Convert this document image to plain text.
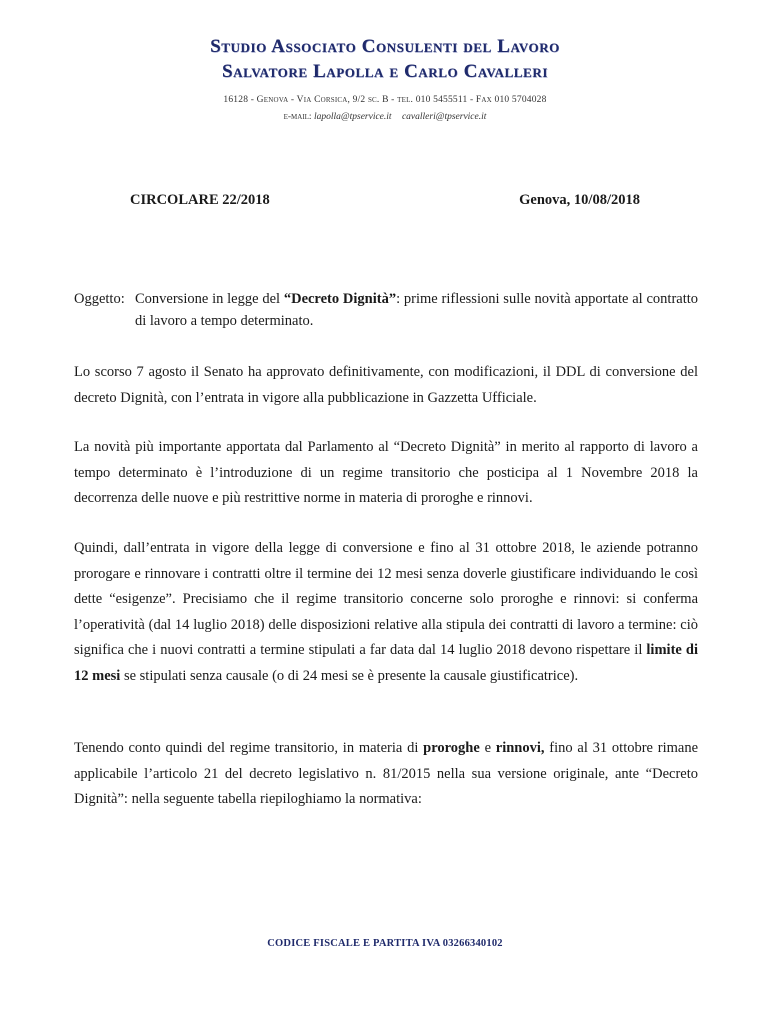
Studio Associato Consulenti del Lavoro
Salvatore Lapolla e Carlo Cavalleri
16128 - Genova - Via Corsica, 9/2 sc. B - tel. 010 5455511 - Fax 010 5704028
e-mail: lapolla@tpservice.it cavalleri@tpservice.it
CIRCOLARE 22/2018	Genova, 10/08/2018
Oggetto: Conversione in legge del “Decreto Dignità”: prime riflessioni sulle novità apportate al contratto di lavoro a tempo determinato.
Lo scorso 7 agosto il Senato ha approvato definitivamente, con modificazioni, il DDL di conversione del decreto Dignità, con l’entrata in vigore alla pubblicazione in Gazzetta Ufficiale.
La novità più importante apportata dal Parlamento al “Decreto Dignità” in merito al rapporto di lavoro a tempo determinato è l’introduzione di un regime transitorio che posticipa al 1 Novembre 2018 la decorrenza delle nuove e più restrittive norme in materia di proroghe e rinnovi.
Quindi, dall’entrata in vigore della legge di conversione e fino al 31 ottobre 2018, le aziende potranno prorogare e rinnovare i contratti oltre il termine dei 12 mesi senza doverle giustificare individuando le così dette “esigenze”. Precisiamo che il regime transitorio concerne solo proroghe e rinnovi: si conferma l’operatività (dal 14 luglio 2018) delle disposizioni relative alla stipula dei contratti di lavoro a termine: ciò significa che i nuovi contratti a termine stipulati a far data dal 14 luglio 2018 devono rispettare il limite di 12 mesi se stipulati senza causale (o di 24 mesi se è presente la causale giustificatrice).
Tenendo conto quindi del regime transitorio, in materia di proroghe e rinnovi, fino al 31 ottobre rimane applicabile l’articolo 21 del decreto legislativo n. 81/2015 nella sua versione originale, ante “Decreto Dignità”: nella seguente tabella riepiloghiamo la normativa:
CODICE FISCALE E PARTITA IVA 03266340102
